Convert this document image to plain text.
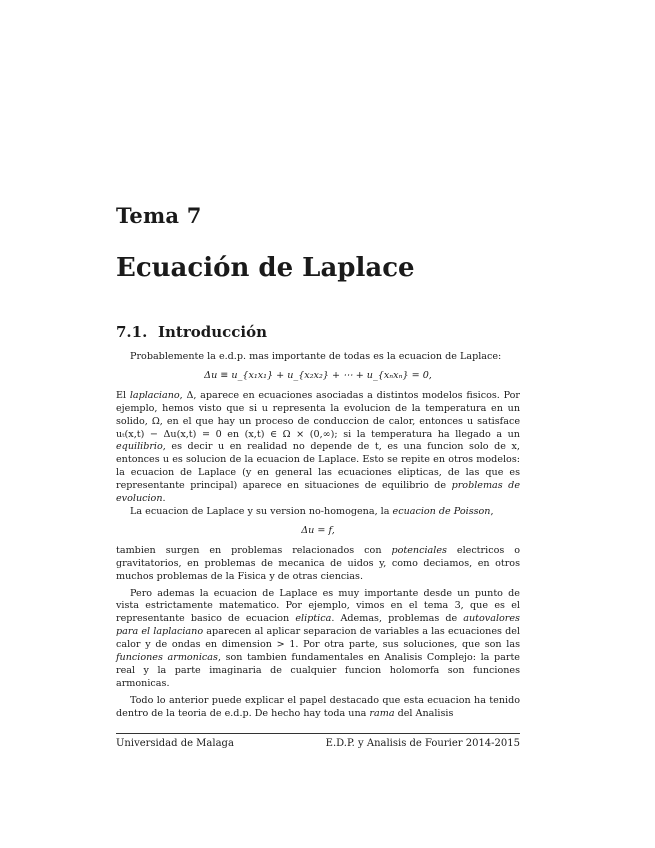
Tema 7
Ecuación de Laplace
7.1. Introducción

Probablemente la e.d.p. mas importante de todas es la ecuacion de Laplace:

Δu ≡ u_{x₁x₁} + u_{x₂x₂} + ⋯ + u_{xₙxₙ} = 0,

El laplaciano, Δ, aparece en ecuaciones asociadas a distintos modelos fisicos. Por ejemplo, hemos visto que si u representa la evolucion de la temperatura en un solido, Ω, en el que hay un proceso de conduccion de calor, entonces u satisface uₜ(x,t) − Δu(x,t) = 0 en (x,t) ∈ Ω × (0,∞); si la temperatura ha llegado a un equilibrio, es decir u en realidad no depende de t, es una funcion solo de x, entonces u es solucion de la ecuacion de Laplace. Esto se repite en otros modelos: la ecuacion de Laplace (y en general las ecuaciones elipticas, de las que es representante principal) aparece en situaciones de equilibrio de problemas de evolucion.

La ecuacion de Laplace y su version no-homogena, la ecuacion de Poisson,

Δu = f,

tambien surgen en problemas relacionados con potenciales electricos o gravitatorios, en problemas de mecanica de uidos y, como deciamos, en otros muchos problemas de la Fisica y de otras ciencias.

Pero ademas la ecuacion de Laplace es muy importante desde un punto de vista estrictamente matematico. Por ejemplo, vimos en el tema 3, que es el representante basico de ecuacion eliptica. Ademas, problemas de autovalores para el laplaciano aparecen al aplicar separacion de variables a las ecuaciones del calor y de ondas en dimension > 1. Por otra parte, sus soluciones, que son las funciones armonicas, son tambien fundamentales en Analisis Complejo: la parte real y la parte imaginaria de cualquier funcion holomorfa son funciones armonicas.

Todo lo anterior puede explicar el papel destacado que esta ecuacion ha tenido dentro de la teoria de e.d.p. De hecho hay toda una rama del Analisis

Universidad de Malaga	E.D.P. y Analisis de Fourier 2014-2015
